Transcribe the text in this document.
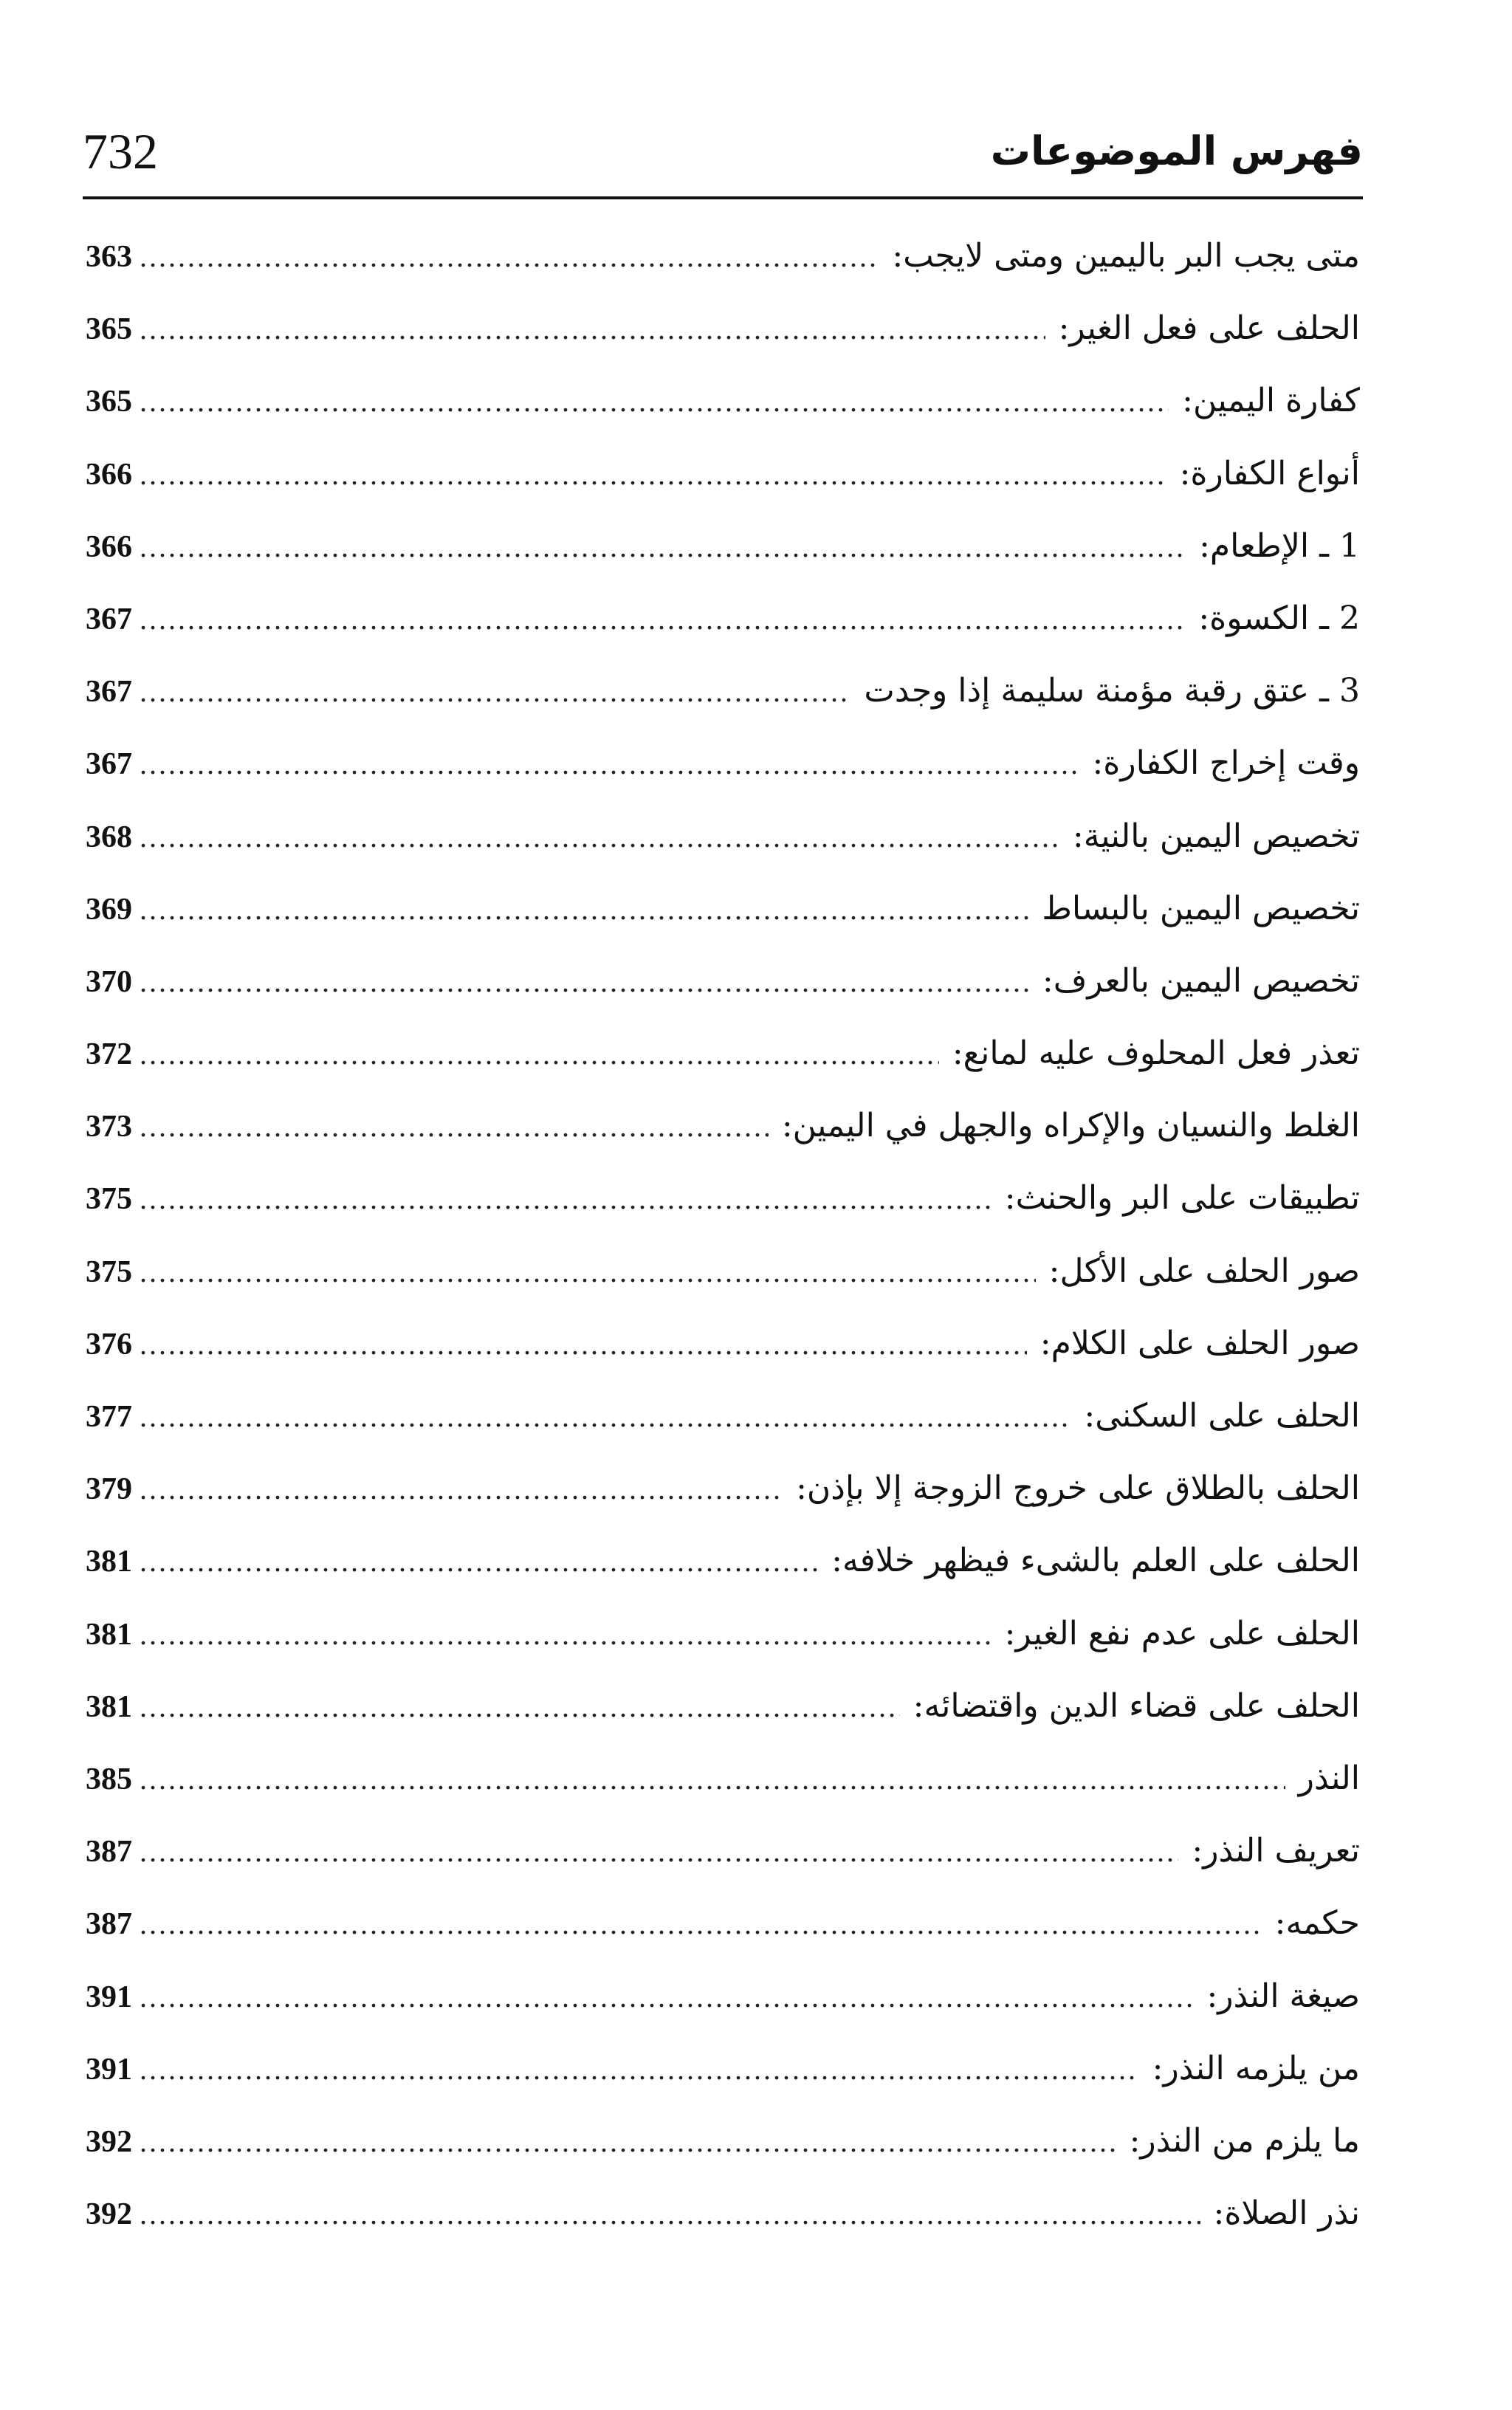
732	فهرس الموضوعات
متى يجب البر باليمين ومتى لايجب:
.....
363
الحلف على فعل الغير:
.....
365
كفارة اليمين:
.....
365
أنواع الكفارة:
.....
366
1 ـ الإطعام:
.....
366
2 ـ الكسوة:
.....
367
3 ـ عتق رقبة مؤمنة سليمة إذا وجدت
.....
367
وقت إخراج الكفارة:
.....
367
تخصيص اليمين بالنية:
.....
368
تخصيص اليمين بالبساط
.....
369
تخصيص اليمين بالعرف:
.....
370
تعذر فعل المحلوف عليه لمانع:
.....
372
الغلط والنسيان والإكراه والجهل في اليمين:
.....
373
تطبيقات على البر والحنث:
.....
375
صور الحلف على الأكل:
.....
375
صور الحلف على الكلام:
.....
376
الحلف على السكنى:
.....
377
الحلف بالطلاق على خروج الزوجة إلا بإذن:
.....
379
الحلف على العلم بالشىء فيظهر خلافه:
.....
381
الحلف على عدم نفع الغير:
.....
381
الحلف على قضاء الدين واقتضائه:
.....
381
النذر
.....
385
تعريف النذر:
.....
387
حكمه:
.....
387
صيغة النذر:
.....
391
من يلزمه النذر:
.....
391
ما يلزم من النذر:
.....
392
نذر الصلاة:
.....
392
